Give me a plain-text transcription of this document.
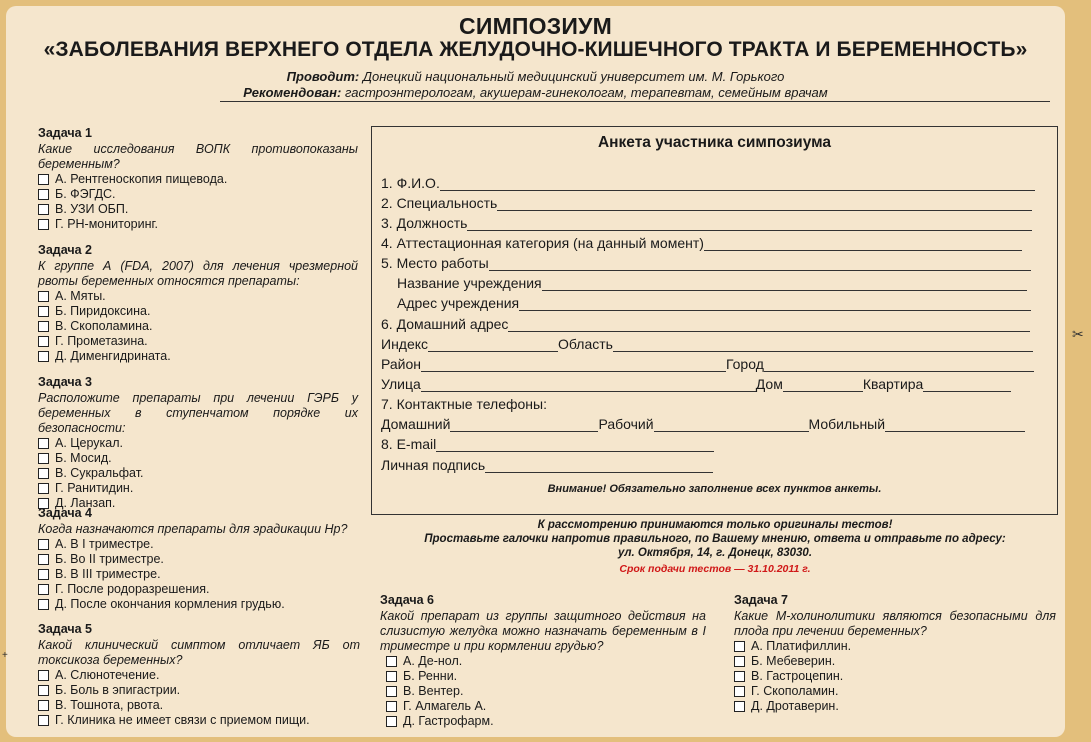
СИМПОЗИУМ
«ЗАБОЛЕВАНИЯ ВЕРХНЕГО ОТДЕЛА ЖЕЛУДОЧНО-КИШЕЧНОГО ТРАКТА И БЕРЕМЕННОСТЬ»
Проводит: Донецкий национальный медицинский университет им. М. Горького
Рекомендован: гастроэнтерологам, акушерам-гинекологам, терапевтам, семейным врачам
Задача 1
Какие исследования ВОПК противопоказаны беременным?
А. Рентгеноскопия пищевода.
Б. ФЭГДС.
В. УЗИ ОБП.
Г. РН-мониторинг.
Задача 2
К группе А (FDA, 2007) для лечения чрезмерной рвоты беременных относятся препараты:
А. Мяты.
Б. Пиридоксина.
В. Скополамина.
Г. Прометазина.
Д. Дименгидрината.
Задача 3
Расположите препараты при лечении ГЭРБ у беременных в ступенчатом порядке их безопасности:
А. Церукал.
Б. Мосид.
В. Сукральфат.
Г. Ранитидин.
Д. Ланзап.
Задача 4
Когда назначаются препараты для эрадикации Нр?
А. В I триместре.
Б. Во II триместре.
В. В III триместре.
Г. После родоразрешения.
Д. После окончания кормления грудью.
Задача 5
Какой клинический симптом отличает ЯБ от токсикоза беременных?
А. Слюнотечение.
Б. Боль в эпигастрии.
В. Тошнота, рвота.
Г. Клиника не имеет связи с приемом пищи.
Анкета участника симпозиума
1. Ф.И.О.
2. Специальность
3. Должность
4. Аттестационная категория (на данный момент)
5. Место работы
Название учреждения
Адрес учреждения
6. Домашний адрес
Индекс	Область
Район	Город
Улица	Дом	Квартира
7. Контактные телефоны:
Домашний	Рабочий	Мобильный
8. E-mail
Личная подпись
Внимание! Обязательно заполнение всех пунктов анкеты.
К рассмотрению принимаются только оригиналы тестов!
Проставьте галочки напротив правильного, по Вашему мнению, ответа и отправьте по адресу:
ул. Октября, 14, г. Донецк, 83030.
Срок подачи тестов — 31.10.2011 г.
Задача 6
Какой препарат из группы защитного действия на слизистую желудка можно назначать беременным в I триместре и при кормлении грудью?
А. Де-нол.
Б. Ренни.
В. Вентер.
Г. Алмагель А.
Д. Гастрофарм.
Задача 7
Какие М-холинолитики являются безопасными для плода при лечении беременных?
А. Платифиллин.
Б. Мебеверин.
В. Гастроцепин.
Г. Скополамин.
Д. Дротаверин.
✂
+
